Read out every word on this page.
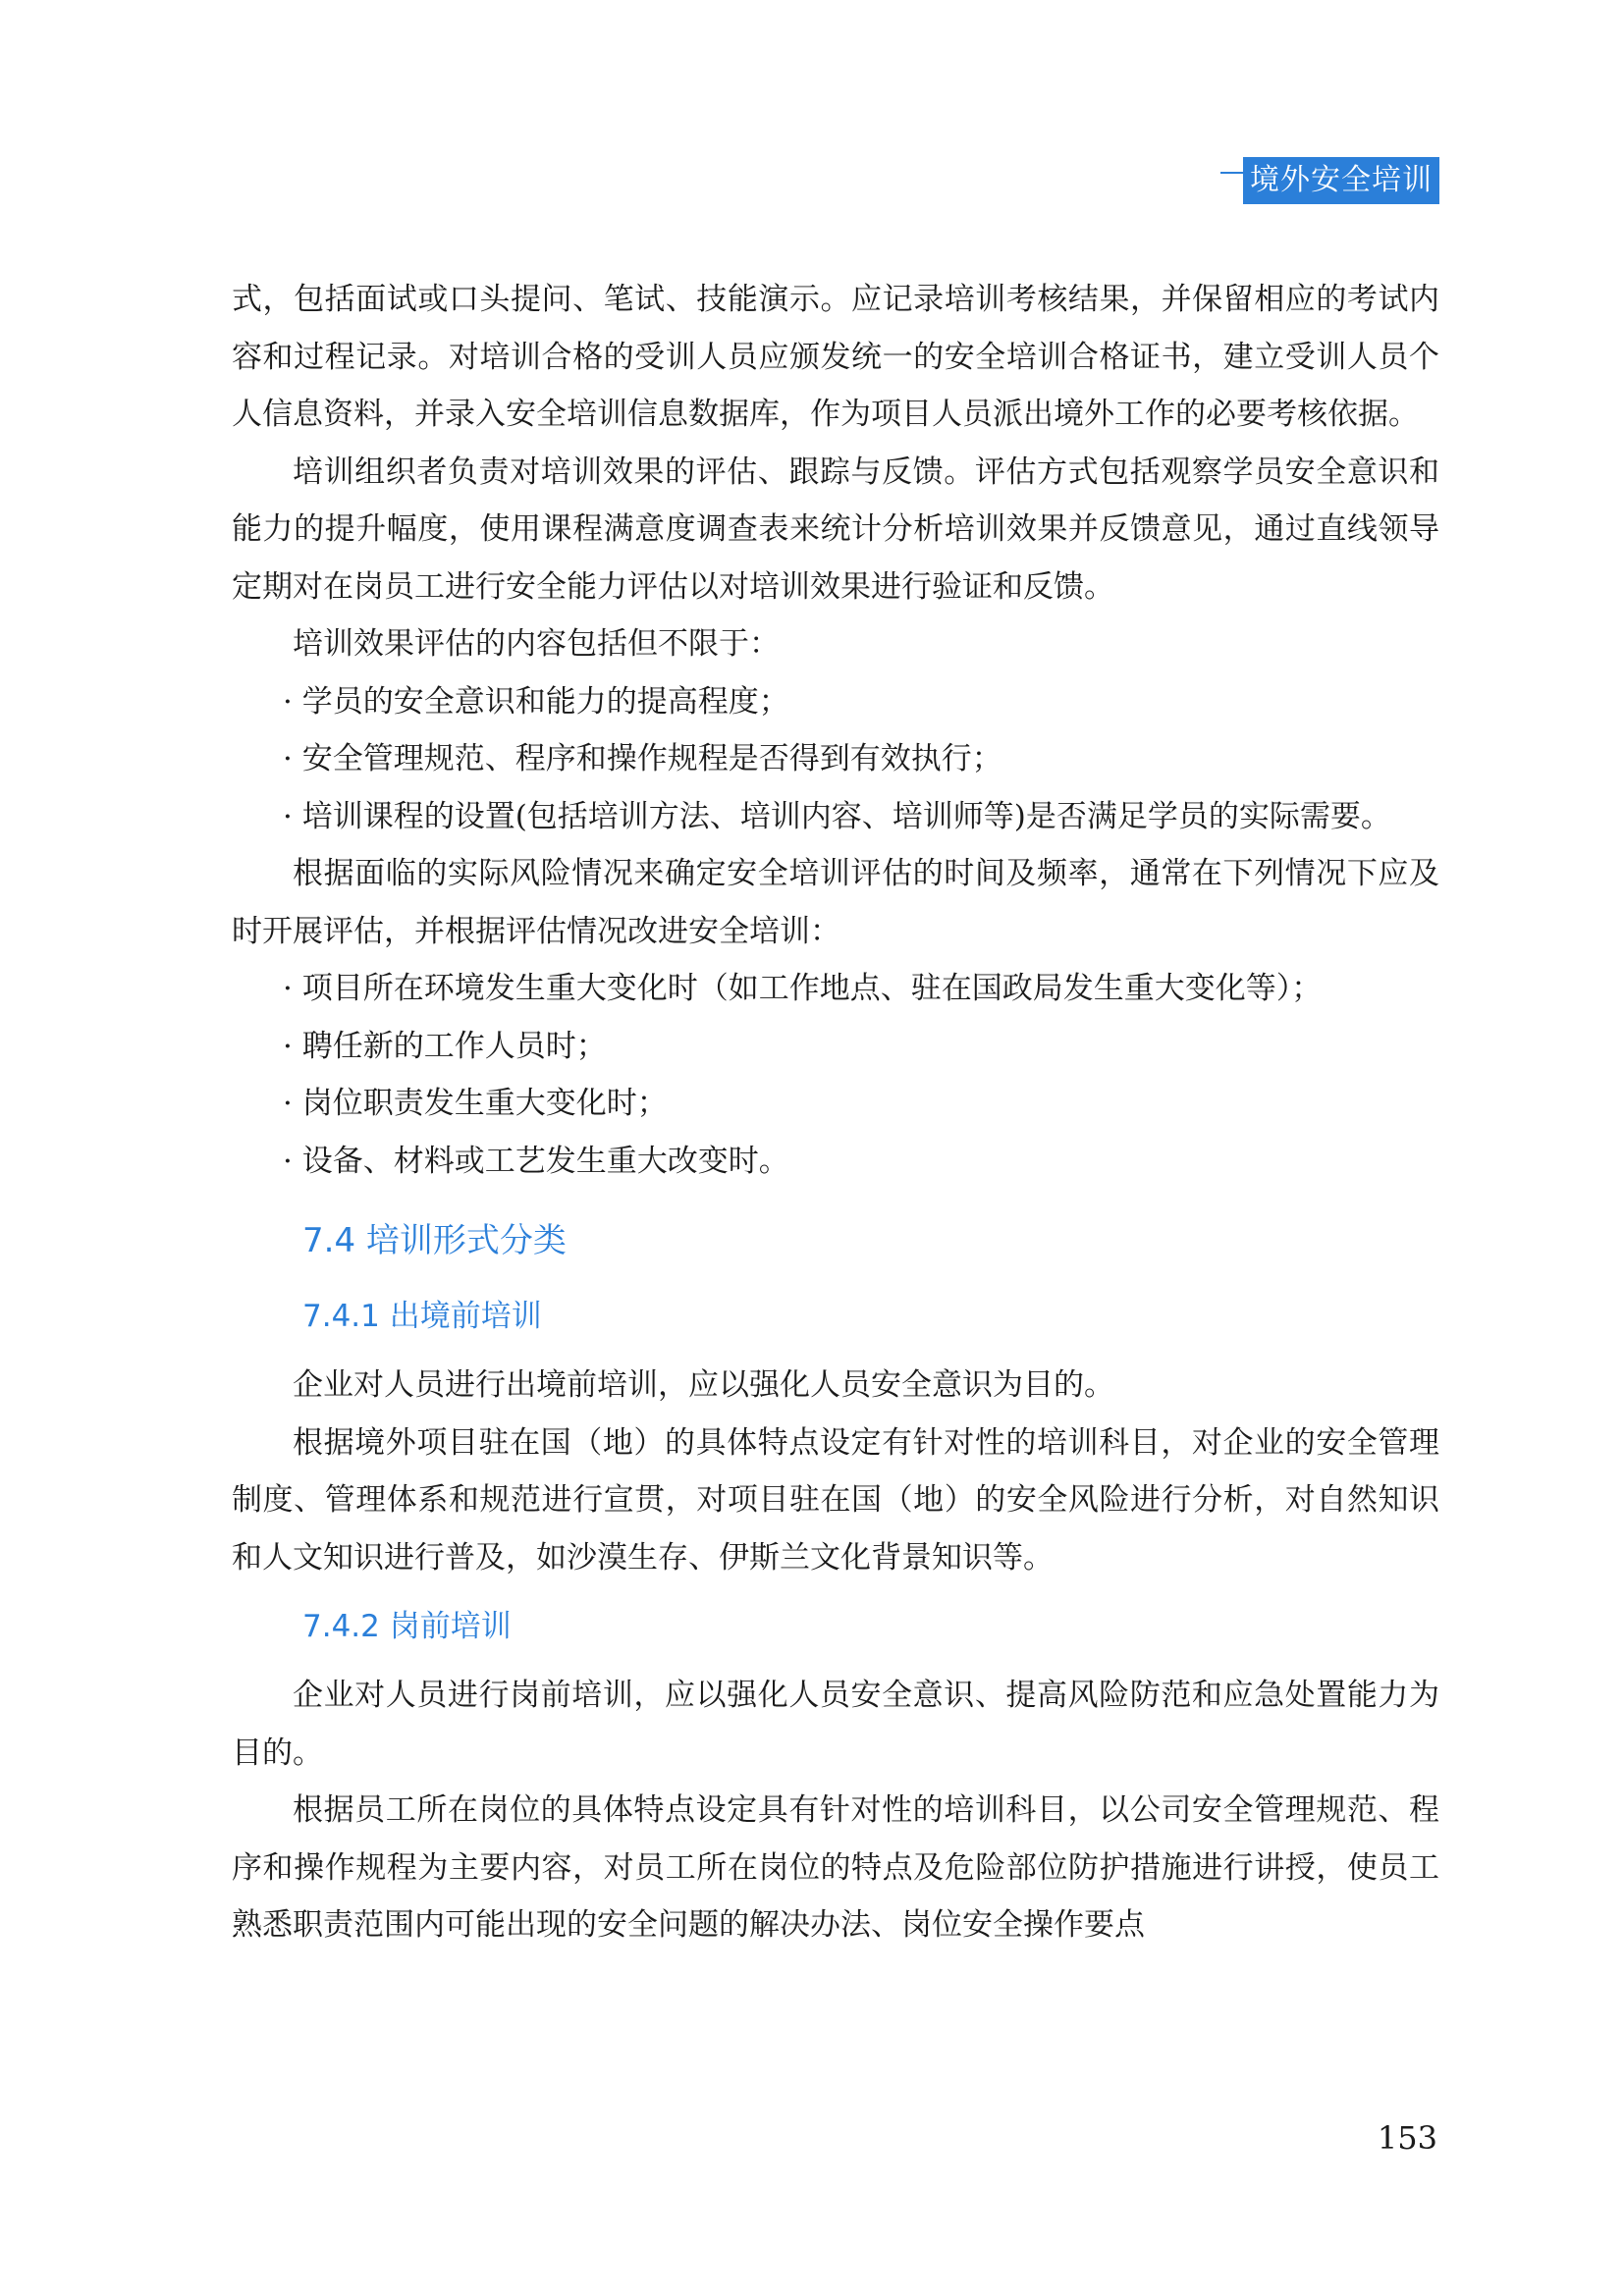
境外安全培训

式，包括面试或口头提问、笔试、技能演示。应记录培训考核结果，并保留相应的考试内容和过程记录。对培训合格的受训人员应颁发统一的安全培训合格证书，建立受训人员个人信息资料，并录入安全培训信息数据库，作为项目人员派出境外工作的必要考核依据。

培训组织者负责对培训效果的评估、跟踪与反馈。评估方式包括观察学员安全意识和能力的提升幅度，使用课程满意度调查表来统计分析培训效果并反馈意见，通过直线领导定期对在岗员工进行安全能力评估以对培训效果进行验证和反馈。

培训效果评估的内容包括但不限于：

· 学员的安全意识和能力的提高程度；

· 安全管理规范、程序和操作规程是否得到有效执行；

· 培训课程的设置(包括培训方法、培训内容、培训师等)是否满足学员的实际需要。

根据面临的实际风险情况来确定安全培训评估的时间及频率，通常在下列情况下应及时开展评估，并根据评估情况改进安全培训：

· 项目所在环境发生重大变化时（如工作地点、驻在国政局发生重大变化等）；

· 聘任新的工作人员时；

· 岗位职责发生重大变化时；

· 设备、材料或工艺发生重大改变时。

7.4 培训形式分类
7.4.1 出境前培训

企业对人员进行出境前培训，应以强化人员安全意识为目的。

根据境外项目驻在国（地）的具体特点设定有针对性的培训科目，对企业的安全管理制度、管理体系和规范进行宣贯，对项目驻在国（地）的安全风险进行分析，对自然知识和人文知识进行普及，如沙漠生存、伊斯兰文化背景知识等。

7.4.2 岗前培训

企业对人员进行岗前培训，应以强化人员安全意识、提高风险防范和应急处置能力为目的。

根据员工所在岗位的具体特点设定具有针对性的培训科目，以公司安全管理规范、程序和操作规程为主要内容，对员工所在岗位的特点及危险部位防护措施进行讲授，使员工熟悉职责范围内可能出现的安全问题的解决办法、岗位安全操作要点

153
